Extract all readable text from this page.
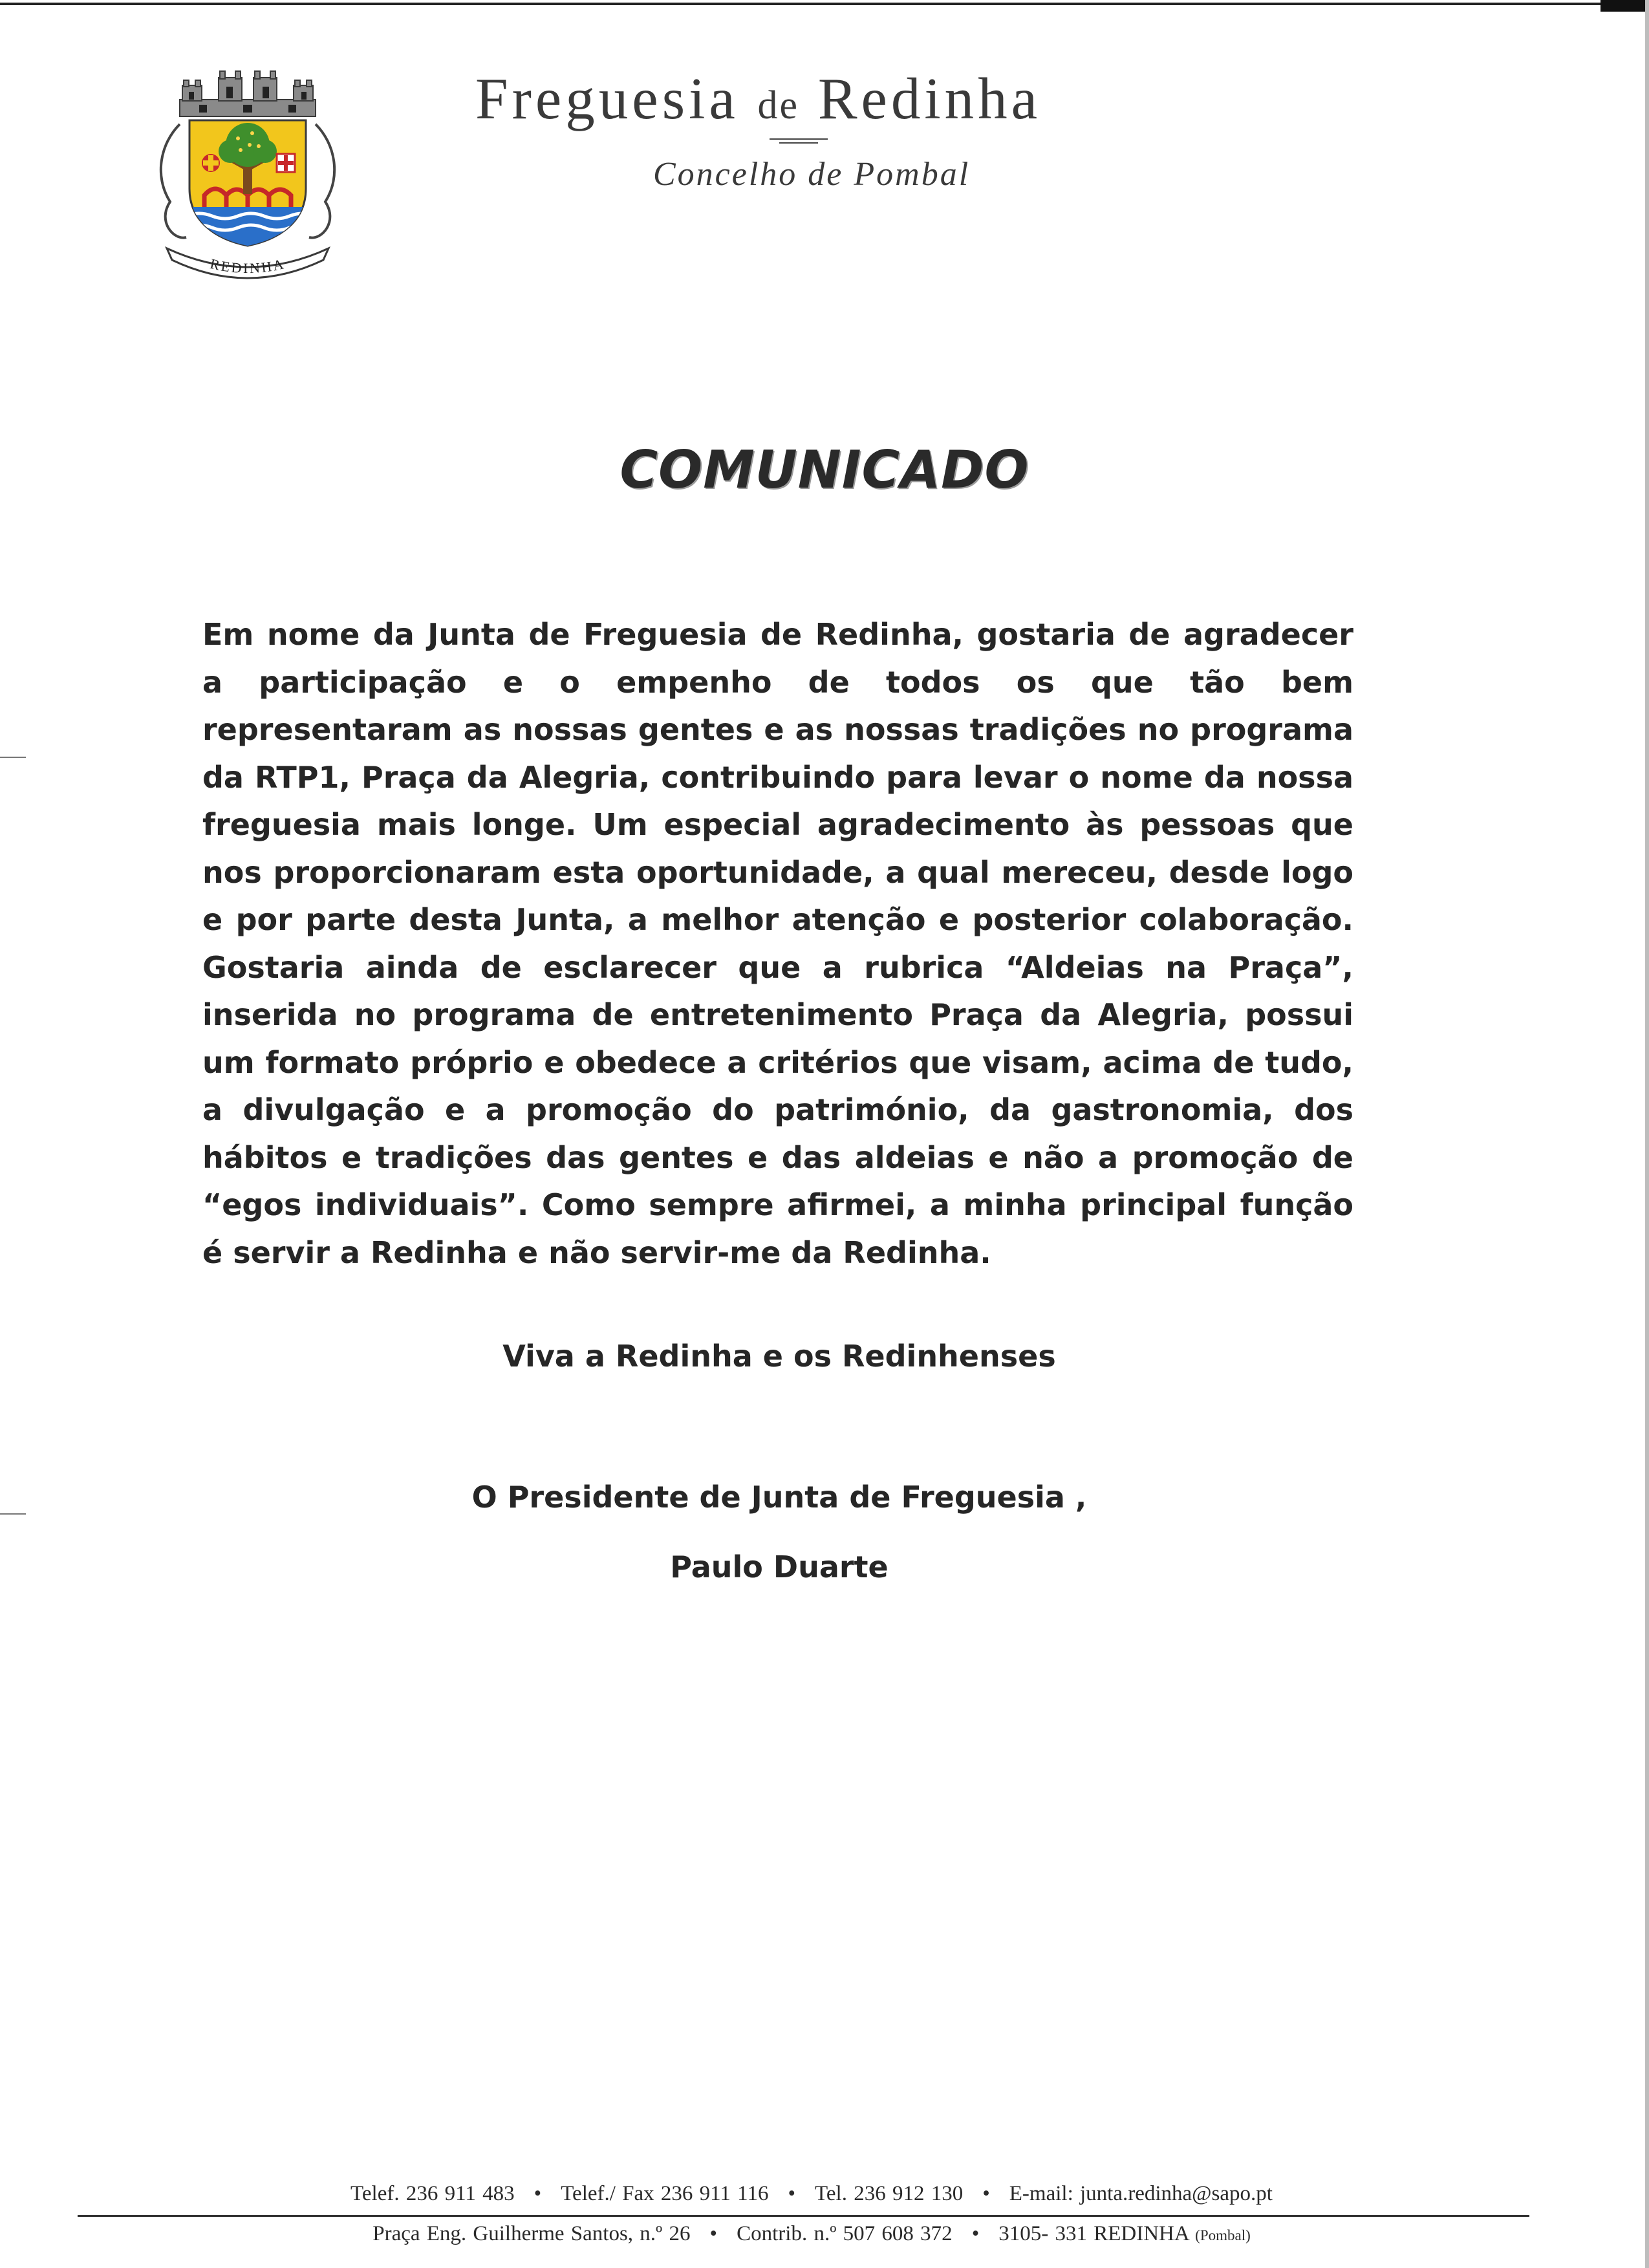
REDINHA
Freguesia de Redinha
Concelho de Pombal
COMUNICADO

Em nome da Junta de Freguesia de Redinha, gostaria de agradecer a participação e o empenho de todos os que tão bem representaram as nossas gentes e as nossas tradições no programa da RTP1, Praça da Alegria, contribuindo para levar o nome da nossa freguesia mais longe. Um especial agradecimento às pessoas que nos proporcionaram esta oportunidade, a qual mereceu, desde logo e por parte desta Junta, a melhor atenção e posterior colaboração. Gostaria ainda de esclarecer que a rubrica “Aldeias na Praça”, inserida no programa de entretenimento Praça da Alegria, possui um formato próprio e obedece a critérios que visam, acima de tudo, a divulgação e a promoção do património, da gastronomia, dos hábitos e tradições das gentes e das aldeias e não a promoção de “egos individuais”. Como sempre afirmei, a minha principal função é servir a Redinha e não servir-me da Redinha.

Viva a Redinha e os Redinhenses
O Presidente de Junta de Freguesia ,
Paulo Duarte
Telef. 236 911 483 • Telef./ Fax 236 911 116 • Tel. 236 912 130 • E-mail: junta.redinha@sapo.pt
Praça Eng. Guilherme Santos, n.º 26 • Contrib. n.º 507 608 372 • 3105- 331 REDINHA (Pombal)
